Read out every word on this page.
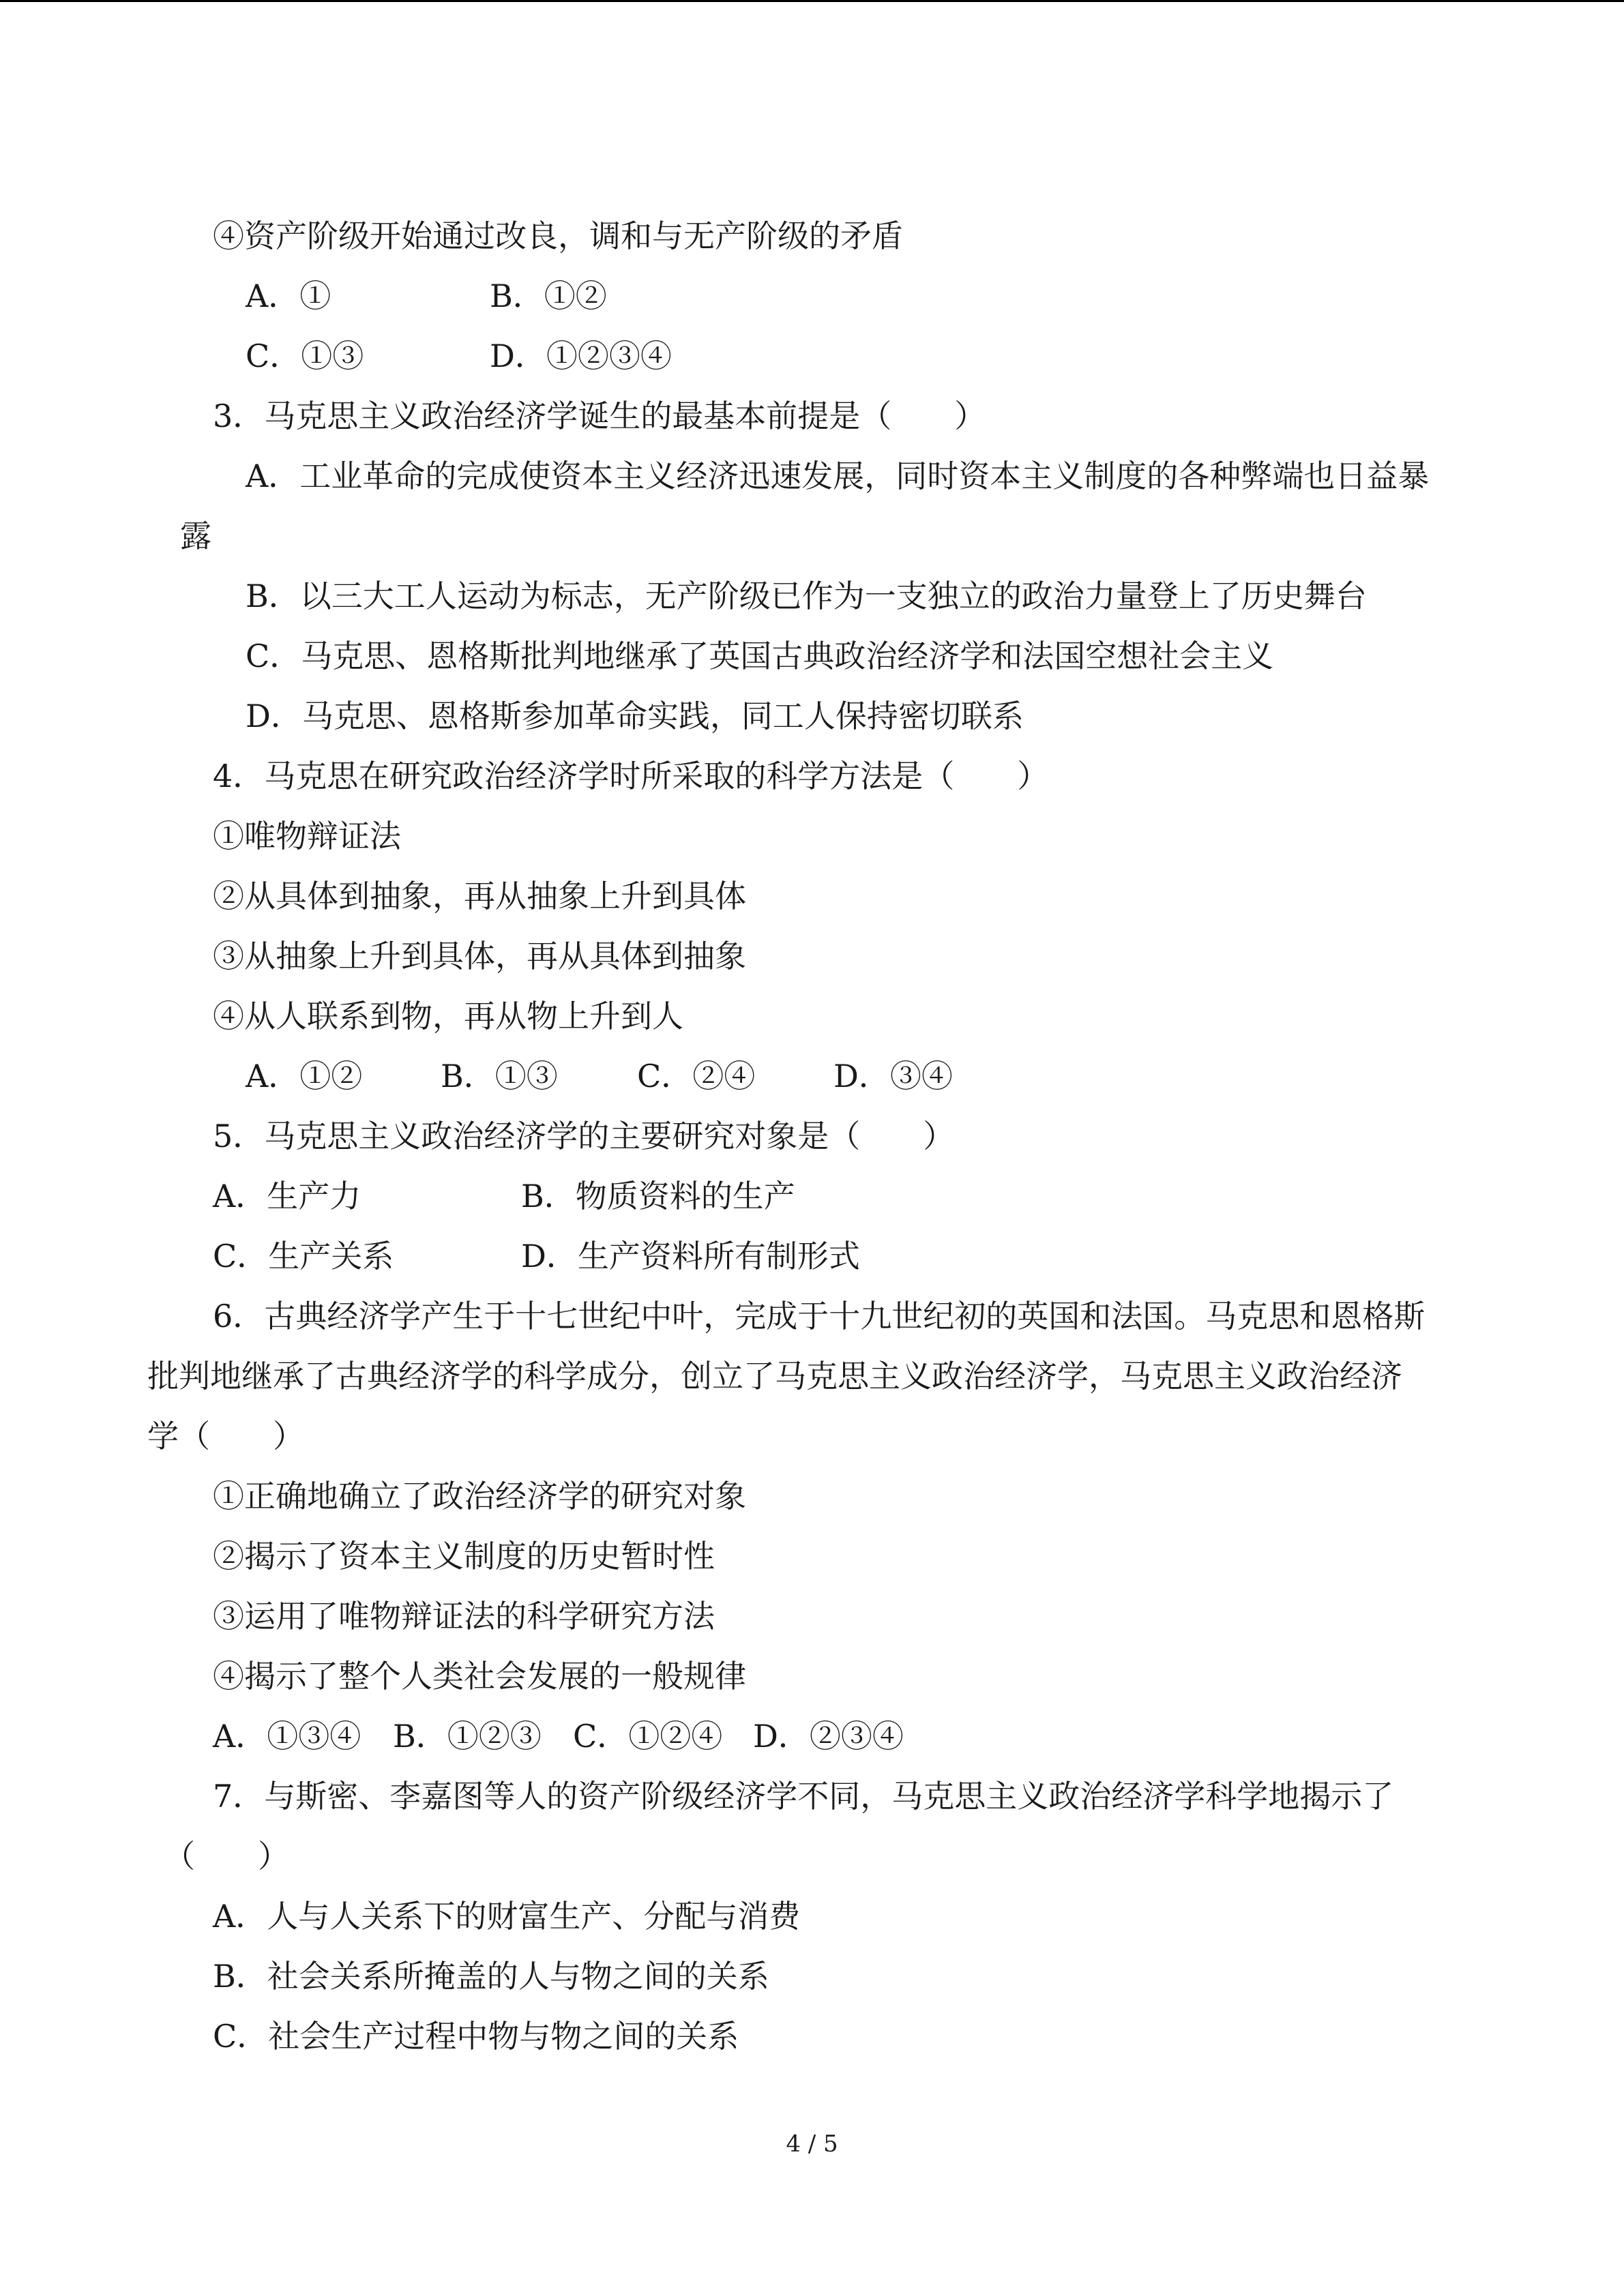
④资产阶级开始通过改良，调和与无产阶级的矛盾
A．①	B．①②
C．①③	D．①②③④
3．马克思主义政治经济学诞生的最基本前提是（　　）
A．工业革命的完成使资本主义经济迅速发展，同时资本主义制度的各种弊端也日益暴
露
B．以三大工人运动为标志，无产阶级已作为一支独立的政治力量登上了历史舞台
C．马克思、恩格斯批判地继承了英国古典政治经济学和法国空想社会主义
D．马克思、恩格斯参加革命实践，同工人保持密切联系
4．马克思在研究政治经济学时所采取的科学方法是（　　）
①唯物辩证法
②从具体到抽象，再从抽象上升到具体
③从抽象上升到具体，再从具体到抽象
④从人联系到物，再从物上升到人
A．①② B．①③	C．②④ D．③④
5．马克思主义政治经济学的主要研究对象是（　　）
A．生产力	B．物质资料的生产
C．生产关系	D．生产资料所有制形式
6．古典经济学产生于十七世纪中叶，完成于十九世纪初的英国和法国。马克思和恩格斯
批判地继承了古典经济学的科学成分，创立了马克思主义政治经济学，马克思主义政治经济
学（　　）
①正确地确立了政治经济学的研究对象
②揭示了资本主义制度的历史暂时性
③运用了唯物辩证法的科学研究方法
④揭示了整个人类社会发展的一般规律
A．①③④ B．①②③ C．①②④ D．②③④
7．与斯密、李嘉图等人的资产阶级经济学不同，马克思主义政治经济学科学地揭示了
（　　）
A．人与人关系下的财富生产、分配与消费
B．社会关系所掩盖的人与物之间的关系
C．社会生产过程中物与物之间的关系
4 / 5
